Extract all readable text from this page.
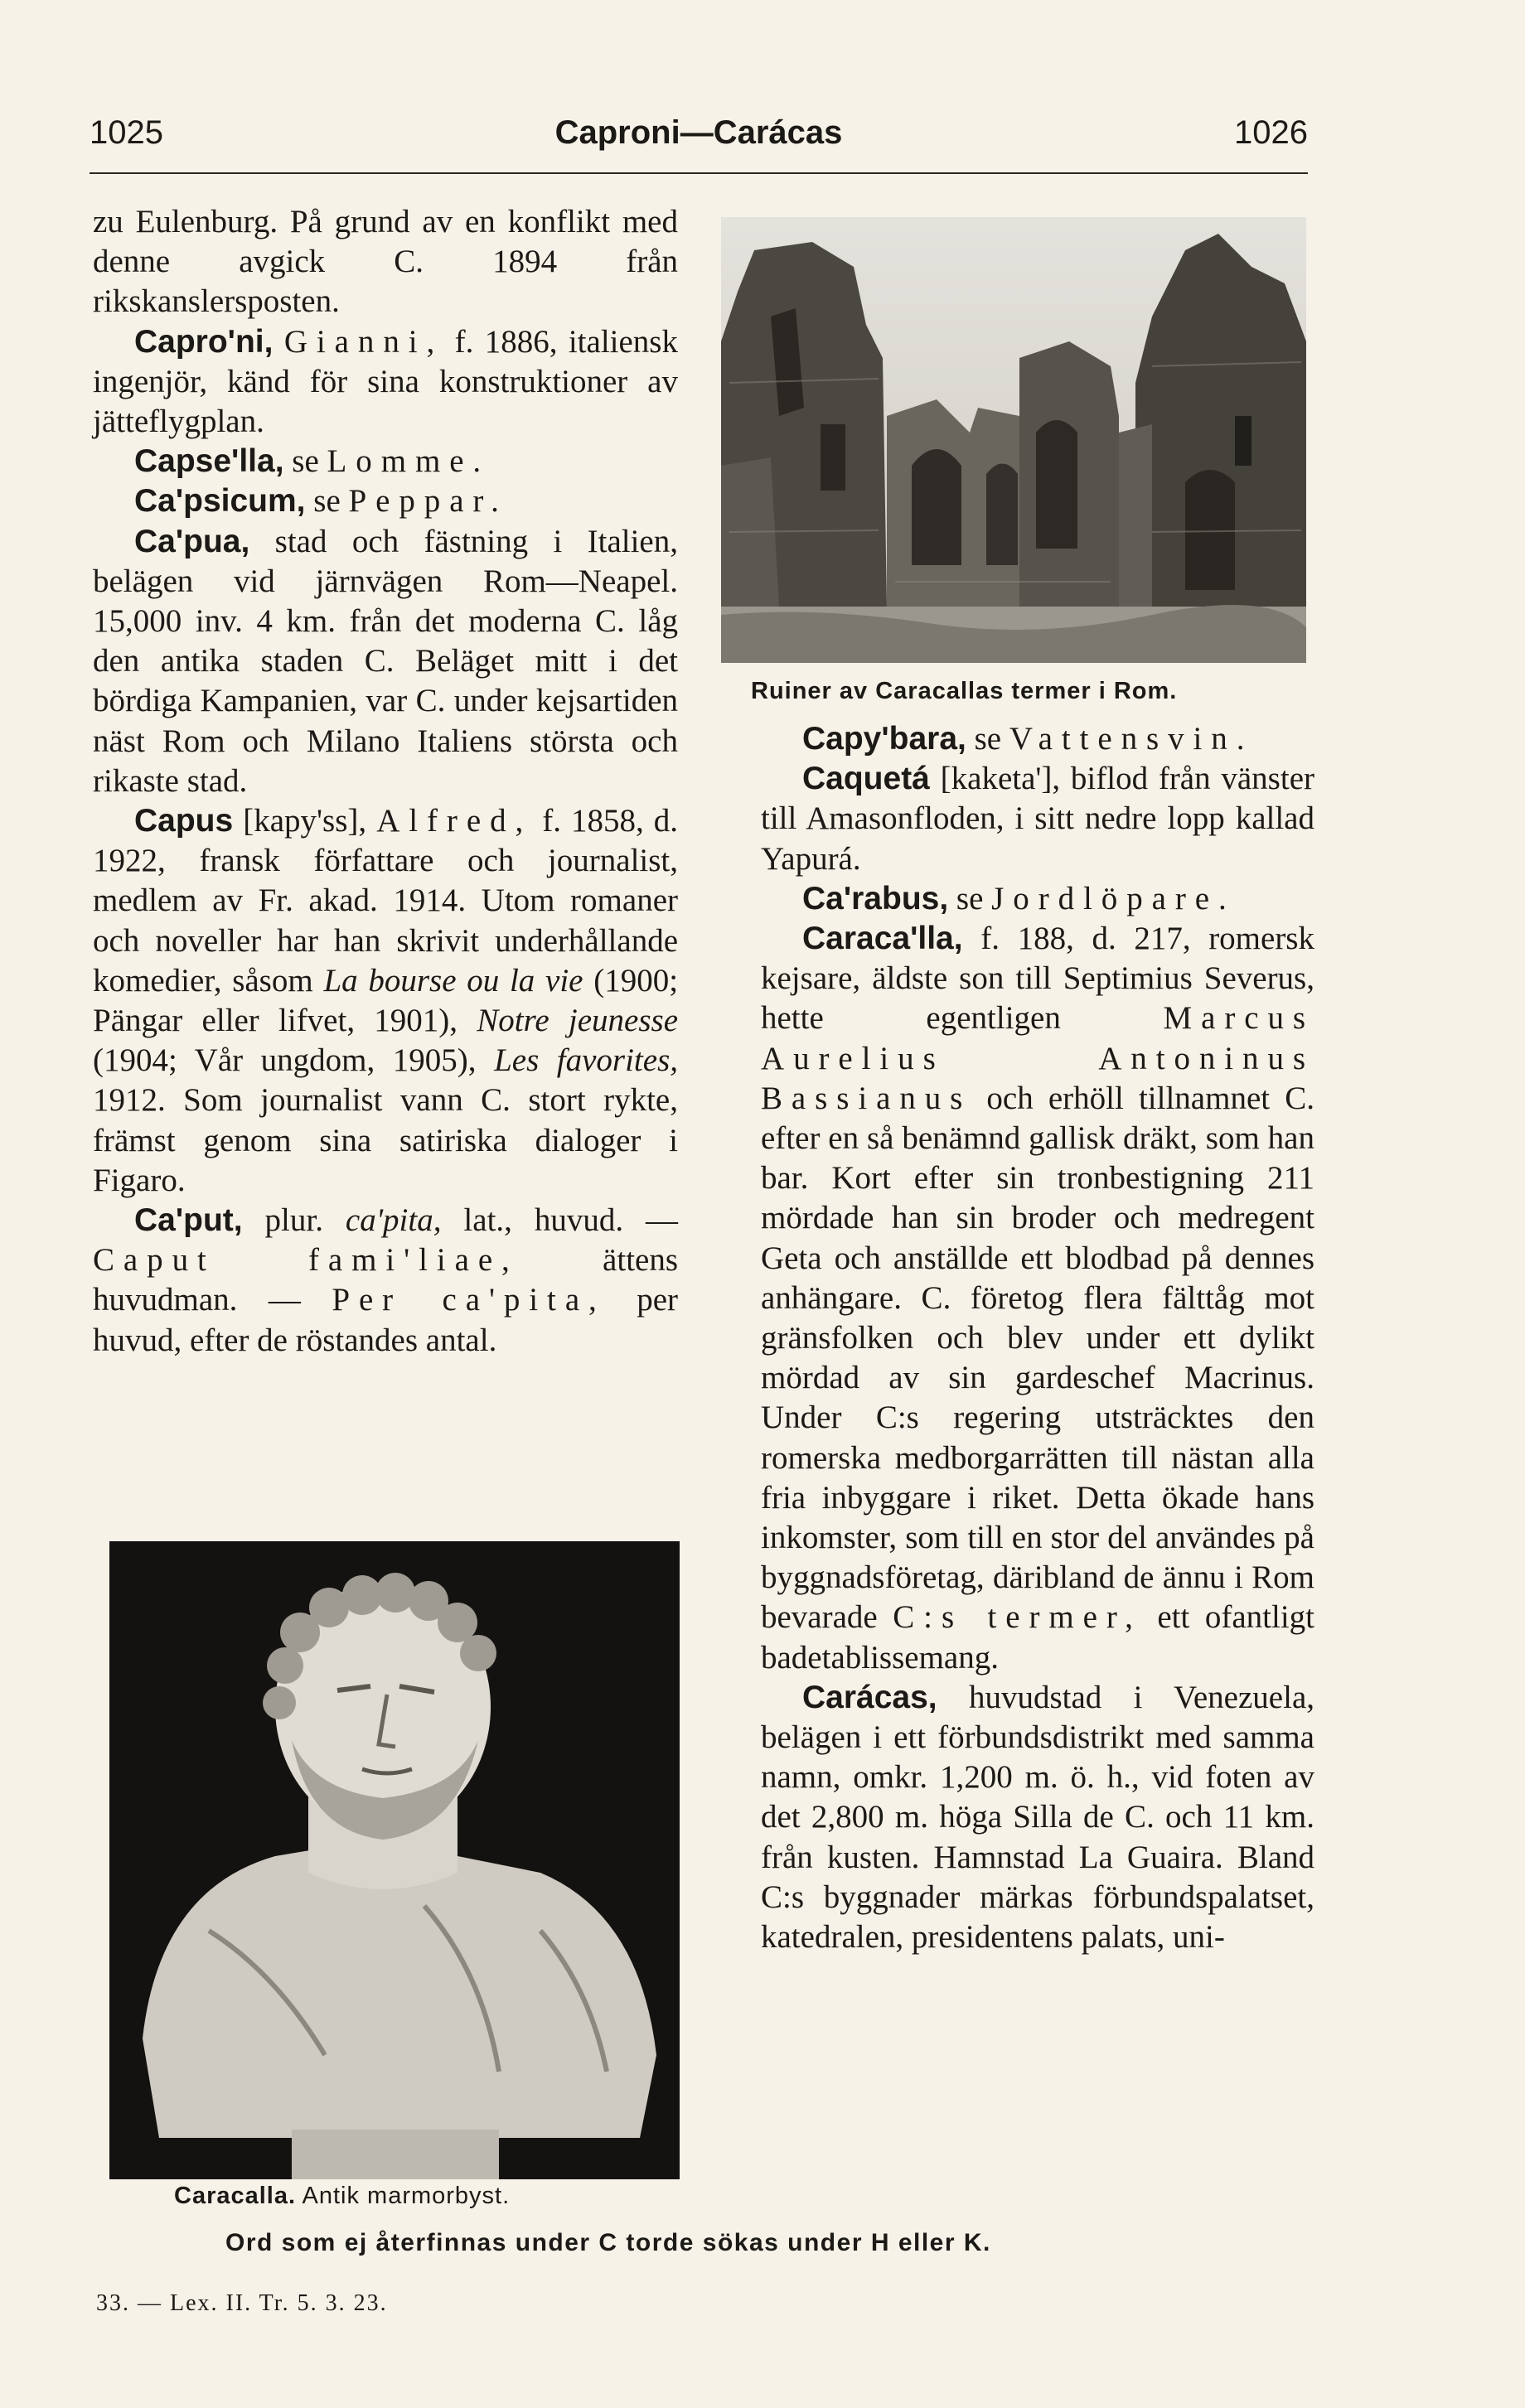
1025	Caproni—Carácas	1026

zu Eulenburg. På grund av en konflikt med denne avgick C. 1894 från rikskanslersposten.

Capro'ni, Gianni, f. 1886, italiensk ingenjör, känd för sina konstruktioner av jätteflygplan.

Capse'lla, se Lomme.

Ca'psicum, se Peppar.

Ca'pua, stad och fästning i Italien, belägen vid järnvägen Rom—Neapel. 15,000 inv. 4 km. från det moderna C. låg den antika staden C. Beläget mitt i det bördiga Kampanien, var C. under kejsartiden näst Rom och Milano Italiens största och rikaste stad.

Capus [kapy'ss], Alfred, f. 1858, d. 1922, fransk författare och journalist, medlem av Fr. akad. 1914. Utom romaner och noveller har han skrivit underhållande komedier, såsom La bourse ou la vie (1900; Pängar eller lifvet, 1901), Notre jeunesse (1904; Vår ungdom, 1905), Les favorites, 1912. Som journalist vann C. stort rykte, främst genom sina satiriska dialoger i Figaro.

Ca'put, plur. ca'pita, lat., huvud. — Caput fami'liae,	ättens huvudman. — Per ca'pita, per huvud, efter de röstandes antal.

Ruiner av Caracallas termer i Rom.

Capy'bara, se Vattensvin.

Caquetá [kaketa'], biflod från vänster till Amasonfloden, i sitt nedre lopp kallad Yapurá.

Ca'rabus, se Jordlöpare.

Caraca'lla, f. 188, d. 217, romersk kejsare, äldste son till Septimius Severus, hette egentligen	Marcus Aurelius Antoninus Bassianus och erhöll tillnamnet C. efter en så benämnd gallisk dräkt, som han bar. Kort efter sin tronbestigning 211 mördade han sin broder och medregent Geta och anställde ett blodbad på dennes anhängare. C. företog flera fälttåg mot gränsfolken och blev under ett dylikt mördad av sin gardeschef Macrinus. Under C:s regering utsträcktes den romerska medborgarrätten till nästan alla fria inbyggare i riket. Detta ökade hans inkomster, som till en stor del användes på byggnadsföretag, däribland de ännu i Rom bevarade C:s termer, ett ofantligt badetablissemang.

Carácas, huvudstad i Venezuela, belägen i ett förbundsdistrikt med samma namn, omkr. 1,200 m. ö. h., vid foten av det 2,800 m. höga Silla de C. och 11 km. från kusten. Hamnstad La Guaira. Bland C:s byggnader märkas förbundspalatset, katedralen, presidentens palats, uni-

Caracalla. Antik marmorbyst.
Ord som ej återfinnas under C torde sökas under H eller K.
33. — Lex. II. Tr. 5. 3. 23.
